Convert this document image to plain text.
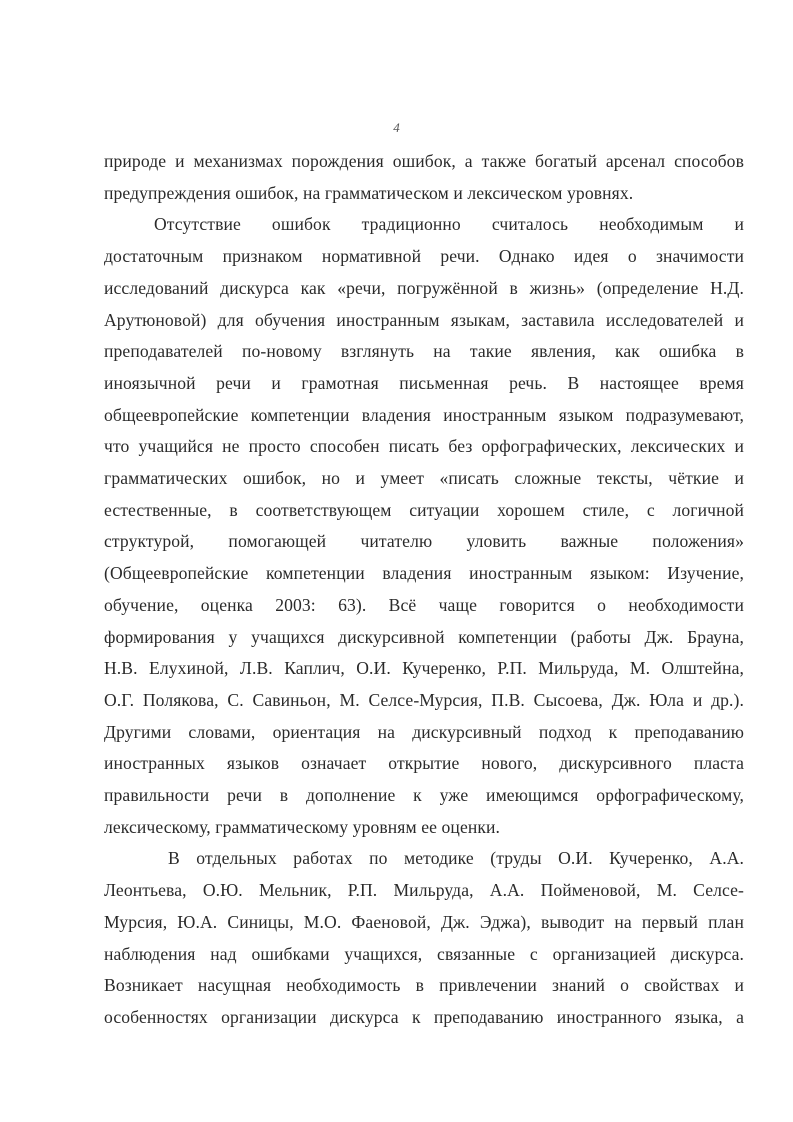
4

природе и механизмах порождения ошибок, а также богатый арсенал способов
предупреждения ошибок, на грамматическом и лексическом уровнях.

Отсутствие ошибок традиционно считалось необходимым и
достаточным признаком нормативной речи. Однако идея о значимости
исследований дискурса как «речи, погружённой в жизнь» (определение Н.Д.
Арутюновой) для обучения иностранным языкам, заставила исследователей и
преподавателей по-новому взглянуть на такие явления, как ошибка в
иноязычной речи и грамотная письменная речь. В настоящее время
общеевропейские компетенции владения иностранным языком подразумевают,
что учащийся не просто способен писать без орфографических, лексических и
грамматических ошибок, но и умеет «писать сложные тексты, чёткие и
естественные, в соответствующем ситуации хорошем стиле, с логичной
структурой, помогающей читателю уловить важные положения»
(Общеевропейские компетенции владения иностранным языком: Изучение,
обучение, оценка 2003: 63). Всё чаще говорится о необходимости
формирования у учащихся дискурсивной компетенции (работы Дж. Брауна,
Н.В. Елухиной, Л.В. Каплич, О.И. Кучеренко, Р.П. Мильруда, М. Олштейна,
О.Г. Полякова, С. Савиньон, М. Селсе-Мурсия, П.В. Сысоева, Дж. Юла и др.).
Другими словами, ориентация на дискурсивный подход к преподаванию
иностранных языков означает открытие нового, дискурсивного пласта
правильности речи в дополнение к уже имеющимся орфографическому,
лексическому, грамматическому уровням ее оценки.

В отдельных работах по методике (труды О.И. Кучеренко, А.А.
Леонтьева, О.Ю. Мельник, Р.П. Мильруда, А.А. Пойменовой, М. Селсе-
Мурсия, Ю.А. Синицы, М.О. Фаеновой, Дж. Эджа), выводит на первый план
наблюдения над ошибками учащихся, связанные с организацией дискурса.
Возникает насущная необходимость в привлечении знаний о свойствах и
особенностях организации дискурса к преподаванию иностранного языка, а
